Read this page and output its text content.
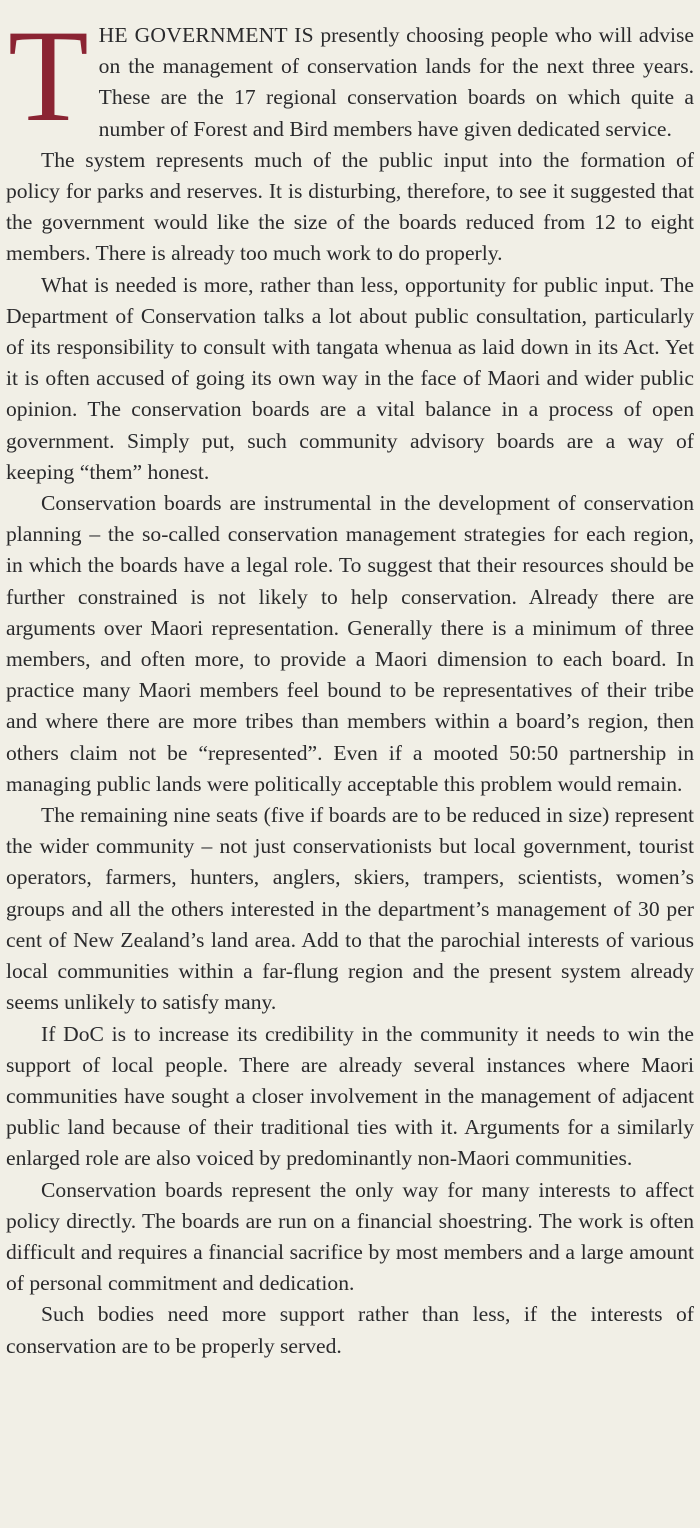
THE GOVERNMENT IS presently choosing people who will advise on the management of conservation lands for the next three years. These are the 17 regional conservation boards on which quite a number of Forest and Bird members have given dedicated service.

The system represents much of the public input into the formation of policy for parks and reserves. It is disturbing, therefore, to see it suggested that the government would like the size of the boards reduced from 12 to eight members. There is already too much work to do properly.

What is needed is more, rather than less, opportunity for public input. The Department of Conservation talks a lot about public consultation, particularly of its responsibility to consult with tangata whenua as laid down in its Act. Yet it is often accused of going its own way in the face of Maori and wider public opinion. The conservation boards are a vital balance in a process of open government. Simply put, such community advisory boards are a way of keeping “them” honest.

Conservation boards are instrumental in the development of conservation planning – the so-called conservation management strategies for each region, in which the boards have a legal role. To suggest that their resources should be further constrained is not likely to help conservation. Already there are arguments over Maori representation. Generally there is a minimum of three members, and often more, to provide a Maori dimension to each board. In practice many Maori members feel bound to be representatives of their tribe and where there are more tribes than members within a board’s region, then others claim not be “represented”. Even if a mooted 50:50 partnership in managing public lands were politically acceptable this problem would remain.

The remaining nine seats (five if boards are to be reduced in size) represent the wider community – not just conservationists but local government, tourist operators, farmers, hunters, anglers, skiers, trampers, scientists, women’s groups and all the others interested in the department’s management of 30 per cent of New Zealand’s land area. Add to that the parochial interests of various local communities within a far-flung region and the present system already seems unlikely to satisfy many.

If DoC is to increase its credibility in the community it needs to win the support of local people. There are already several instances where Maori communities have sought a closer involvement in the management of adjacent public land because of their traditional ties with it. Arguments for a similarly enlarged role are also voiced by predominantly non-Maori communities.

Conservation boards represent the only way for many interests to affect policy directly. The boards are run on a financial shoestring. The work is often difficult and requires a financial sacrifice by most members and a large amount of personal commitment and dedication.

Such bodies need more support rather than less, if the interests of conservation are to be properly served.
